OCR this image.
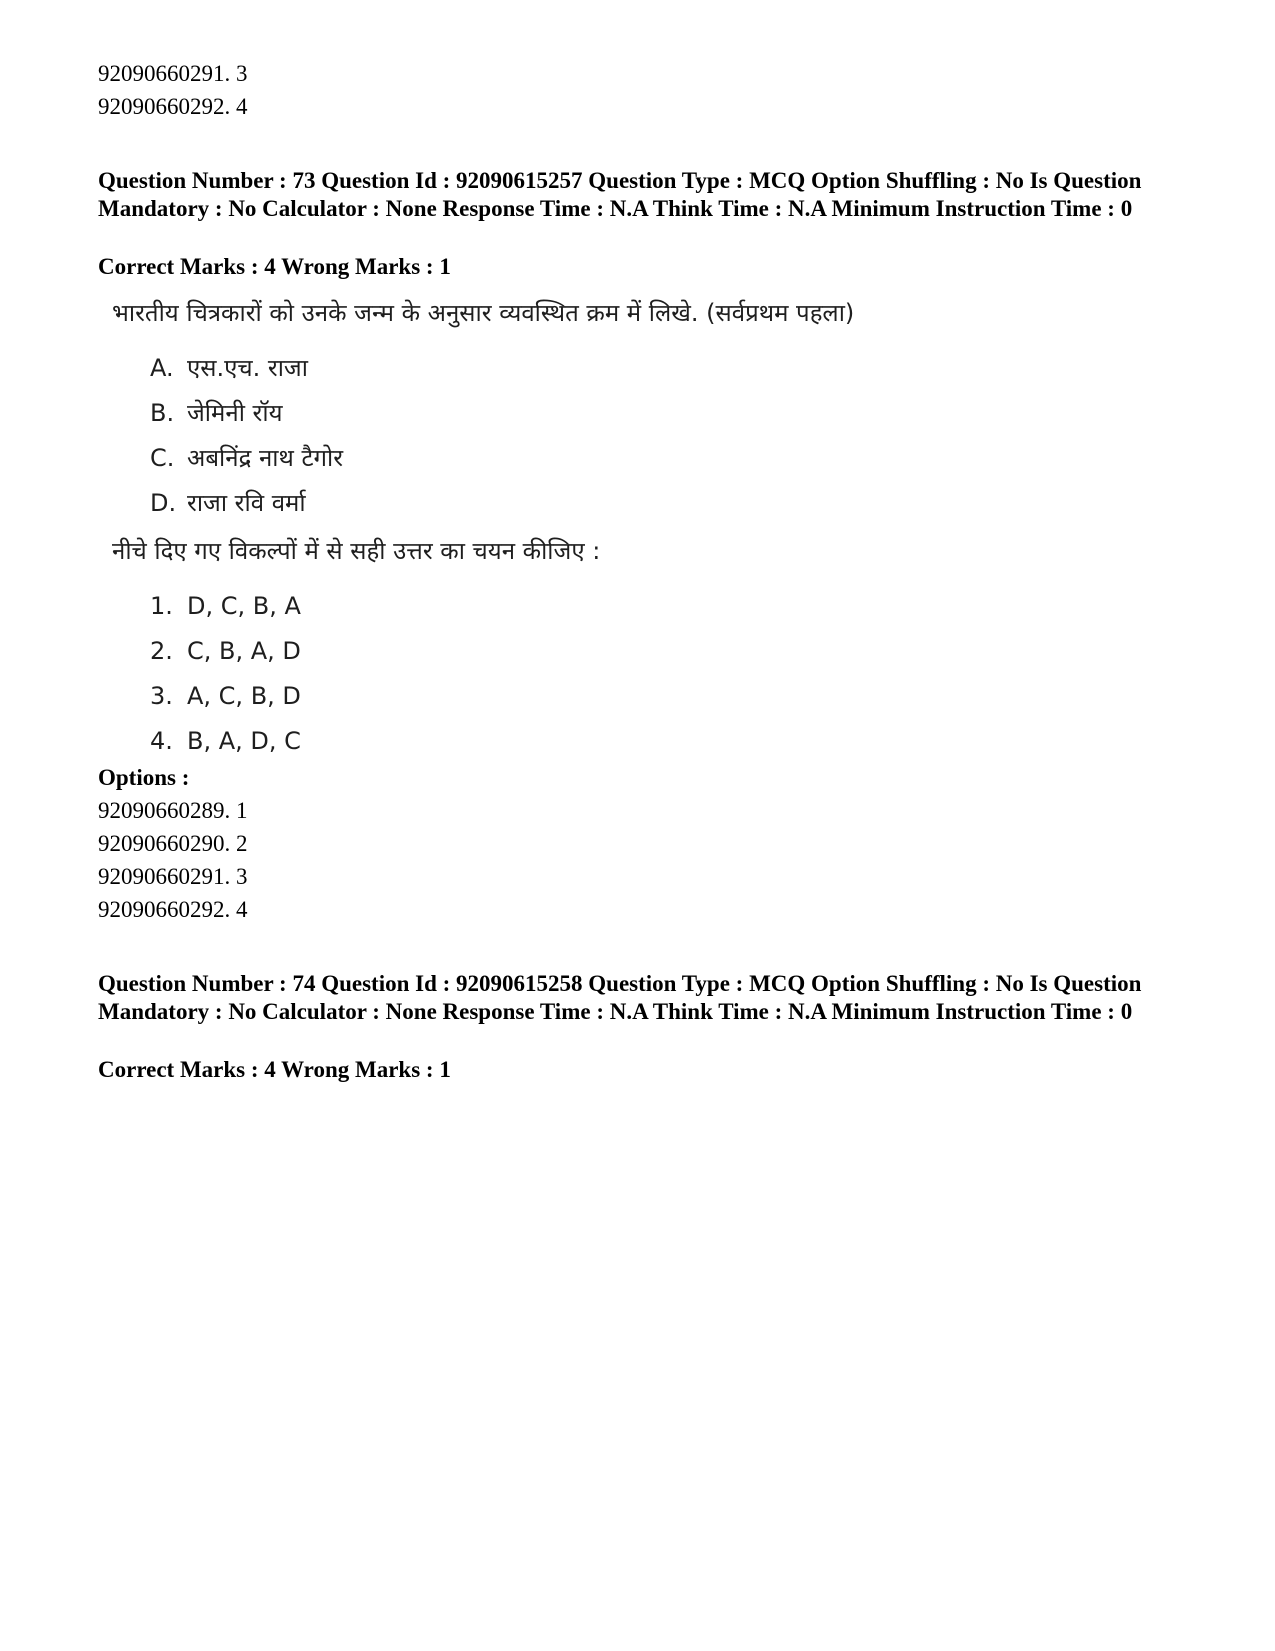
92090660291. 3
92090660292. 4
Question Number : 73 Question Id : 92090615257 Question Type : MCQ Option Shuffling : No Is Question Mandatory : No Calculator : None Response Time : N.A Think Time : N.A Minimum Instruction Time : 0
Correct Marks : 4 Wrong Marks : 1
भारतीय चित्रकारों को उनके जन्म के अनुसार व्यवस्थित क्रम में लिखे. (सर्वप्रथम पहला)
A. एस.एच. राजा
B. जेमिनी रॉय
C. अबनिंद्र नाथ टैगोर
D. राजा रवि वर्मा
नीचे दिए गए विकल्पों में से सही उत्तर का चयन कीजिए :
1. D, C, B, A
2. C, B, A, D
3. A, C, B, D
4. B, A, D, C
Options :
92090660289. 1
92090660290. 2
92090660291. 3
92090660292. 4
Question Number : 74 Question Id : 92090615258 Question Type : MCQ Option Shuffling : No Is Question Mandatory : No Calculator : None Response Time : N.A Think Time : N.A Minimum Instruction Time : 0
Correct Marks : 4 Wrong Marks : 1
